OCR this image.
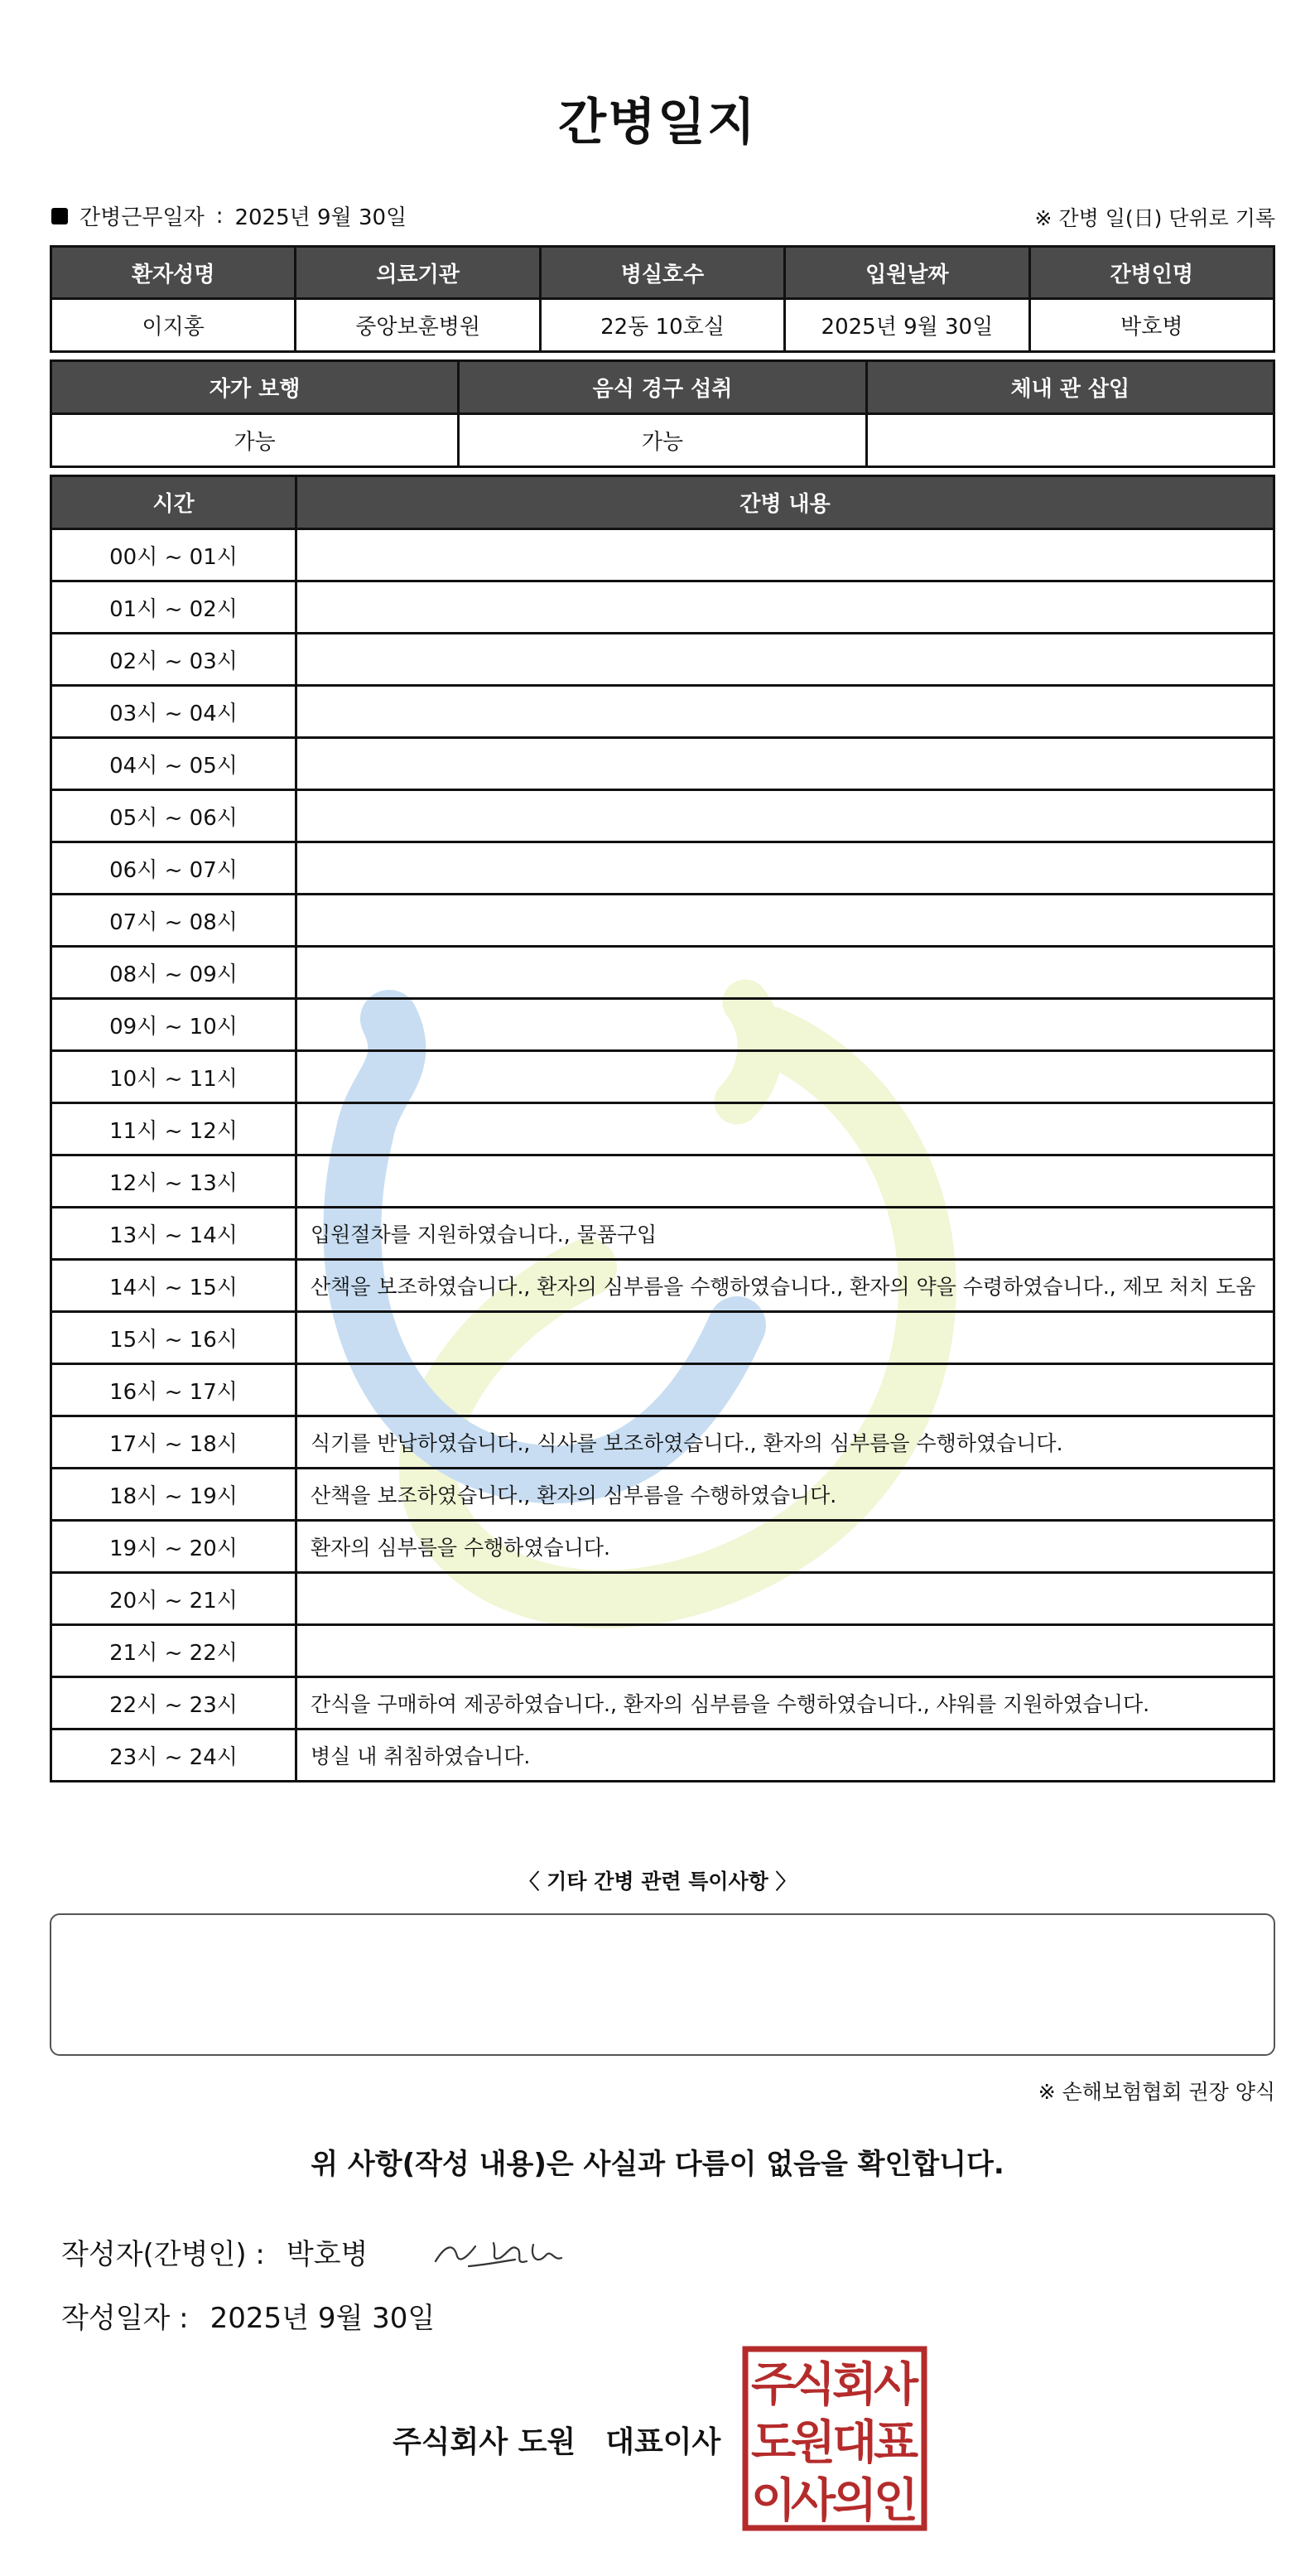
간병일지
간병근무일자 : 2025년 9월 30일	※ 간병 일(日) 단위로 기록
환자성명	의료기관	병실호수	입원날짜	간병인명
이지홍	중앙보훈병원	22동 10호실	2025년 9월 30일	박호병
자가 보행	음식 경구 섭취	체내 관 삽입
가능	가능	
시간	간병 내용
00시 ~ 01시	
01시 ~ 02시	
02시 ~ 03시	
03시 ~ 04시	
04시 ~ 05시	
05시 ~ 06시	
06시 ~ 07시	
07시 ~ 08시	
08시 ~ 09시	
09시 ~ 10시	
10시 ~ 11시	
11시 ~ 12시	
12시 ~ 13시	
13시 ~ 14시	입원절차를 지원하였습니다., 물품구입
14시 ~ 15시	산책을 보조하였습니다., 환자의 심부름을 수행하였습니다., 환자의 약을 수령하였습니다., 제모 처치 도움
15시 ~ 16시	
16시 ~ 17시	
17시 ~ 18시	식기를 반납하였습니다., 식사를 보조하였습니다., 환자의 심부름을 수행하였습니다.
18시 ~ 19시	산책을 보조하였습니다., 환자의 심부름을 수행하였습니다.
19시 ~ 20시	환자의 심부름을 수행하였습니다.
20시 ~ 21시	
21시 ~ 22시	
22시 ~ 23시	간식을 구매하여 제공하였습니다., 환자의 심부름을 수행하였습니다., 샤워를 지원하였습니다.
23시 ~ 24시	병실 내 취침하였습니다.
〈 기타 간병 관련 특이사항 〉
※ 손해보험협회 권장 양식
위 사항(작성 내용)은 사실과 다름이 없음을 확인합니다.
작성자(간병인) : 박호병
작성일자 : 2025년 9월 30일
주식회사 도원 대표이사
주
식
회
사
도
원
대
표
이
사
의
인
